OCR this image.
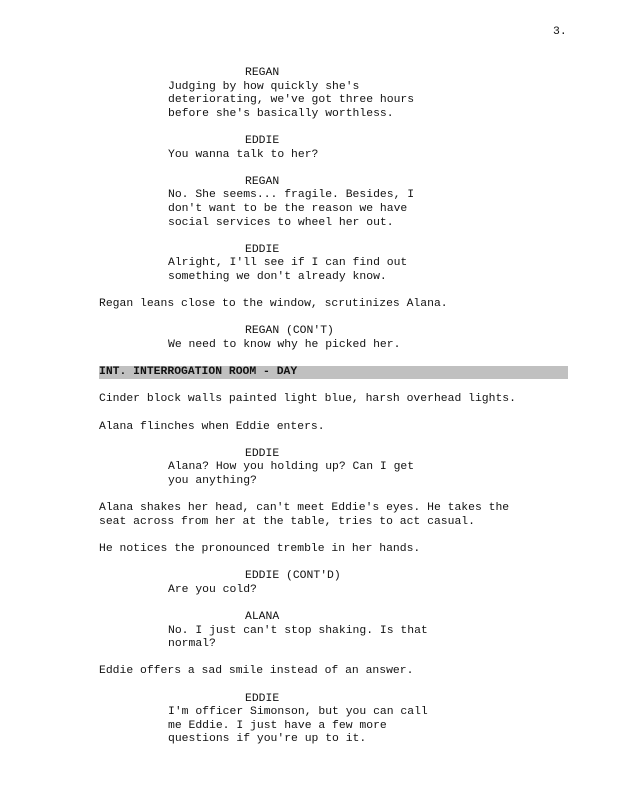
3.
REGAN
Judging by how quickly she's
deteriorating, we've got three hours
before she's basically worthless.
EDDIE
You wanna talk to her?
REGAN
No. She seems... fragile. Besides, I
don't want to be the reason we have
social services to wheel her out.
EDDIE
Alright, I'll see if I can find out
something we don't already know.
Regan leans close to the window, scrutinizes Alana.
REGAN (CON'T)
We need to know why he picked her.
INT. INTERROGATION ROOM - DAY
Cinder block walls painted light blue, harsh overhead lights.
Alana flinches when Eddie enters.
EDDIE
Alana? How you holding up? Can I get
you anything?
Alana shakes her head, can't meet Eddie's eyes. He takes the
seat across from her at the table, tries to act casual.
He notices the pronounced tremble in her hands.
EDDIE (CONT'D)
Are you cold?
ALANA
No. I just can't stop shaking. Is that
normal?
Eddie offers a sad smile instead of an answer.
EDDIE
I'm officer Simonson, but you can call
me Eddie. I just have a few more
questions if you're up to it.
